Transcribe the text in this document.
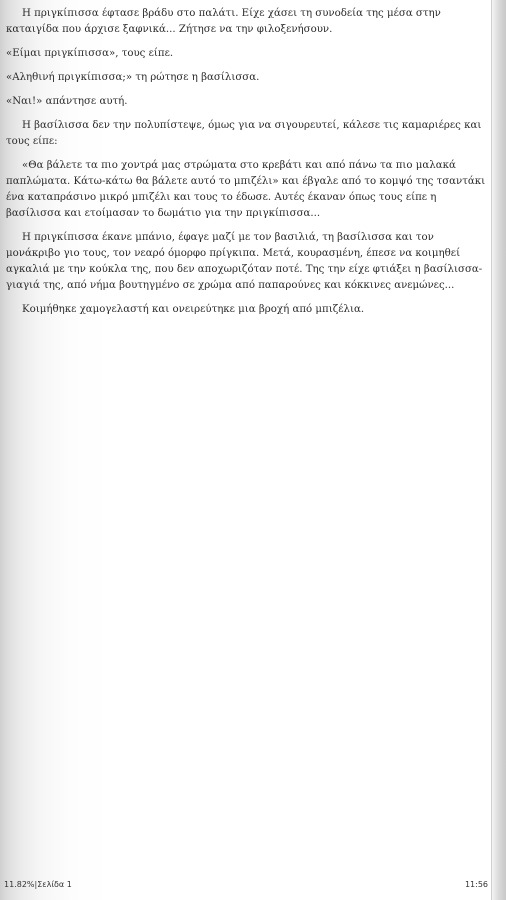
Η πριγκίπισσα έφτασε βράδυ στο παλάτι. Είχε χάσει τη συνοδεία της μέσα στην καταιγίδα που άρχισε ξαφνικά... Ζήτησε να την φιλοξενήσουν.

«Είμαι πριγκίπισσα», τους είπε.

«Αληθινή πριγκίπισσα;» τη ρώτησε η βασίλισσα.

«Ναι!» απάντησε αυτή.

Η βασίλισσα δεν την πολυπίστεψε, όμως για να σιγουρευτεί, κάλεσε τις καμαριέρες και τους είπε:

«Θα βάλετε τα πιο χοντρά μας στρώματα στο κρεβάτι και από πάνω τα πιο μαλακά παπλώματα. Κάτω-κάτω θα βάλετε αυτό το μπιζέλι» και έβγαλε από το κομψό της τσαντάκι ένα καταπράσινο μικρό μπιζέλι και τους το έδωσε. Αυτές έκαναν όπως τους είπε η βασίλισσα και ετοίμασαν το δωμάτιο για την πριγκίπισσα...

Η πριγκίπισσα έκανε μπάνιο, έφαγε μαζί με τον βασιλιά, τη βασίλισσα και τον μονάκριβο γιο τους, τον νεαρό όμορφο πρίγκιπα. Μετά, κουρασμένη, έπεσε να κοιμηθεί αγκαλιά με την κούκλα της, που δεν αποχωριζόταν ποτέ. Της την είχε φτιάξει η βασίλισσα-γιαγιά της, από νήμα βουτηγμένο σε χρώμα από παπαρούνες και κόκκινες ανεμώνες...

Κοιμήθηκε χαμογελαστή και ονειρεύτηκε μια βροχή από μπιζέλια.

11.82%|Σελίδα 1	11:56
